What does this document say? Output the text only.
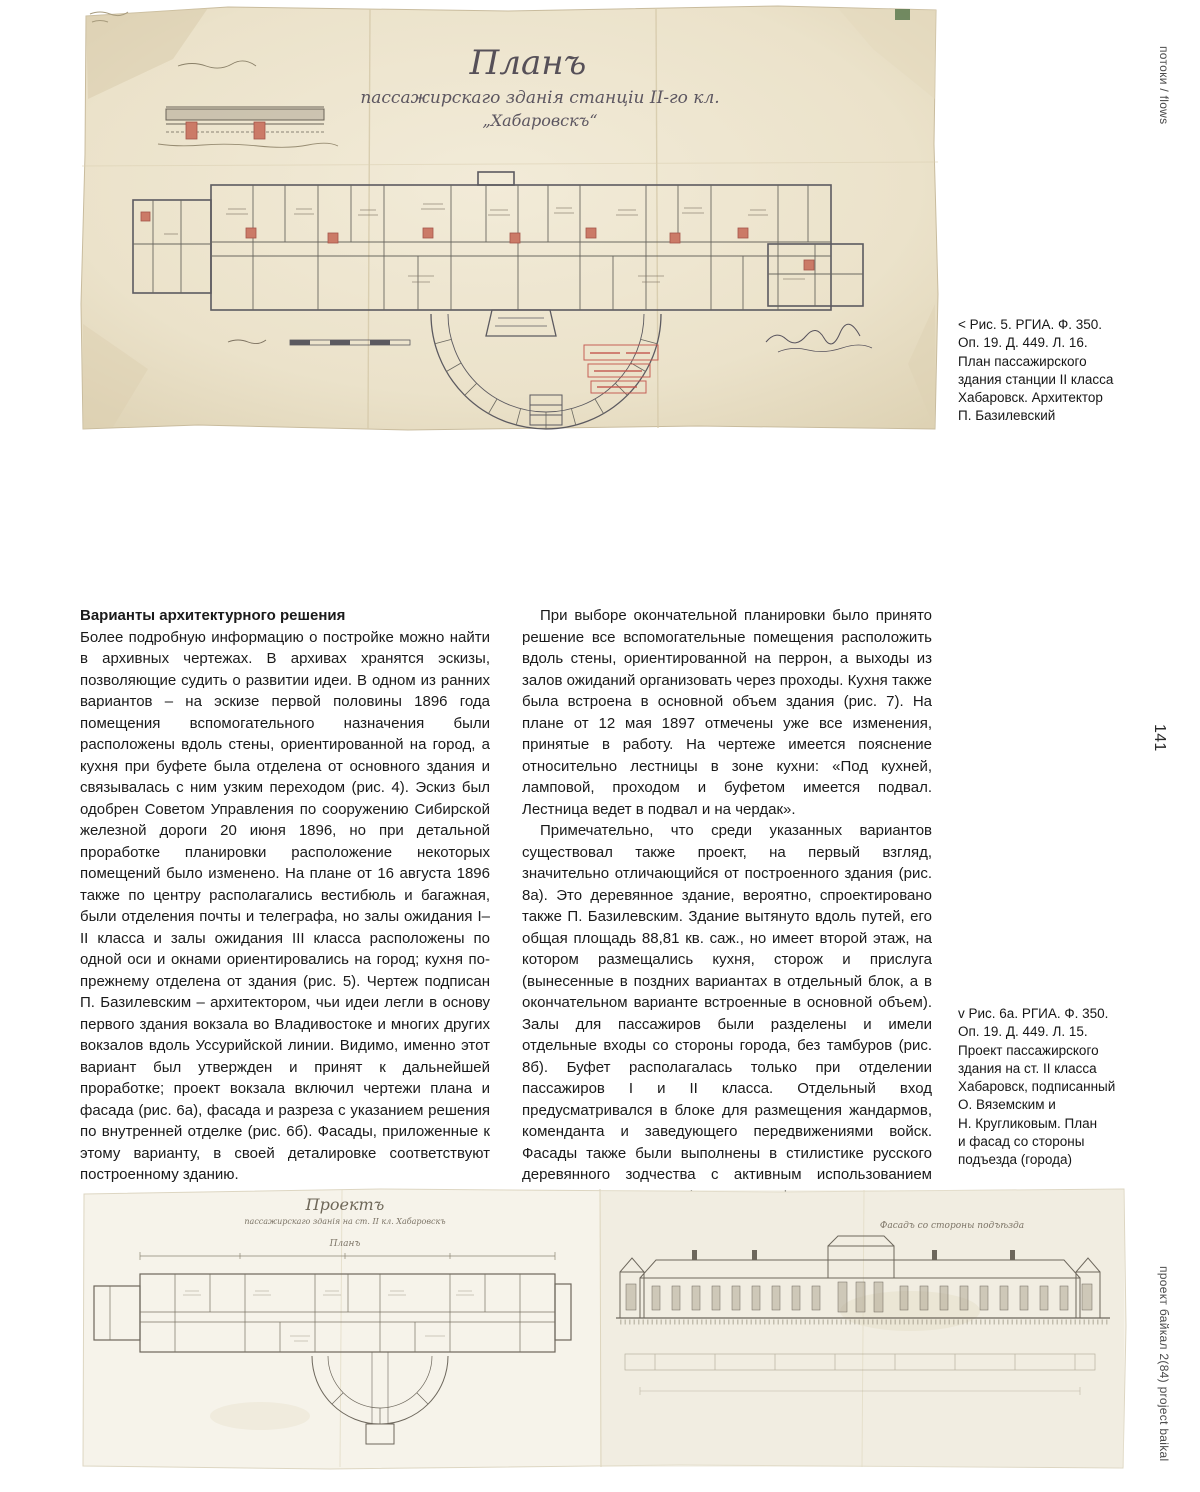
Планъ
пассажирскаго зданія станціи II-го кл.
„Хабаровскъ“
< Рис. 5. РГИА. Ф. 350.
Оп. 19. Д. 449. Л. 16.
План пассажирского
здания станции II класса
Хабаровск. Архитектор
П. Базилевский
Варианты архитектурного решения

Более подробную информацию о постройке можно найти в архивных чертежах. В архивах хранятся эскизы, позволяющие судить о развитии идеи. В одном из ранних вариантов – на эскизе первой половины 1896 года помещения вспомогательного назначения были расположены вдоль стены, ориентированной на город, а кухня при буфете была отделена от основного здания и связывалась с ним узким переходом (рис. 4). Эскиз был одобрен Советом Управления по сооружению Сибирской железной дороги 20 июня 1896, но при детальной проработке планировки расположение некоторых помещений было изменено. На плане от 16 августа 1896 также по центру располагались вестибюль и багажная, были отделения почты и телеграфа, но залы ожидания I–II класса и залы ожидания III класса расположены по одной оси и окнами ориентировались на город; кухня по-прежнему отделена от здания (рис. 5). Чертеж подписан П. Базилевским – архитектором, чьи идеи легли в основу первого здания вокзала во Владивостоке и многих других вокзалов вдоль Уссурийской линии. Видимо, именно этот вариант был утвержден и принят к дальнейшей проработке; проект вокзала включил чертежи плана и фасада (рис. 6а), фасада и разреза с указанием решения по внутренней отделке (рис. 6б). Фасады, приложенные к этому варианту, в своей деталировке соответствуют построенному зданию.

При выборе окончательной планировки было принято решение все вспомогательные помещения расположить вдоль стены, ориентированной на перрон, а выходы из залов ожиданий организовать через проходы. Кухня также была встроена в основной объем здания (рис. 7). На плане от 12 мая 1897 отмечены уже все изменения, принятые в работу. На чертеже имеется пояснение относительно лестницы в зоне кухни: «Под кухней, ламповой, проходом и буфетом имеется подвал. Лестница ведет в подвал и на чердак».

Примечательно, что среди указанных вариантов существовал также проект, на первый взгляд, значительно отличающийся от построенного здания (рис. 8а). Это деревянное здание, вероятно, спроектировано также П. Базилевским. Здание вытянуто вдоль путей, его общая площадь 88,81 кв. саж., но имеет второй этаж, на котором размещались кухня, сторож и прислуга (вынесенные в поздних вариантах в отдельный блок, а в окончательном варианте встроенные в основной объем). Залы для пассажиров были разделены и имели отдельные входы со стороны города, без тамбуров (рис. 8б). Буфет располагалась только при отделении пассажиров I и II класса. Отдельный вход предусматривался в блоке для размещения жандармов, коменданта и заведующего передвижениями войск. Фасады также были выполнены в стилистике русского деревянного зодчества с активным использованием

v Рис. 6а. РГИА. Ф. 350.
Оп. 19. Д. 449. Л. 15.
Проект пассажирского
здания на ст. II класса
Хабаровск, подписанный
О. Вяземским и
Н. Кругликовым. План
и фасад со стороны
подъезда (города)
Проектъ
пассажирскаго зданія на ст. II кл. Хабаровскъ
Планъ
Фасадъ со стороны подъѣзда
потоки / flows
141
проект байкал 2(84) project baikal
